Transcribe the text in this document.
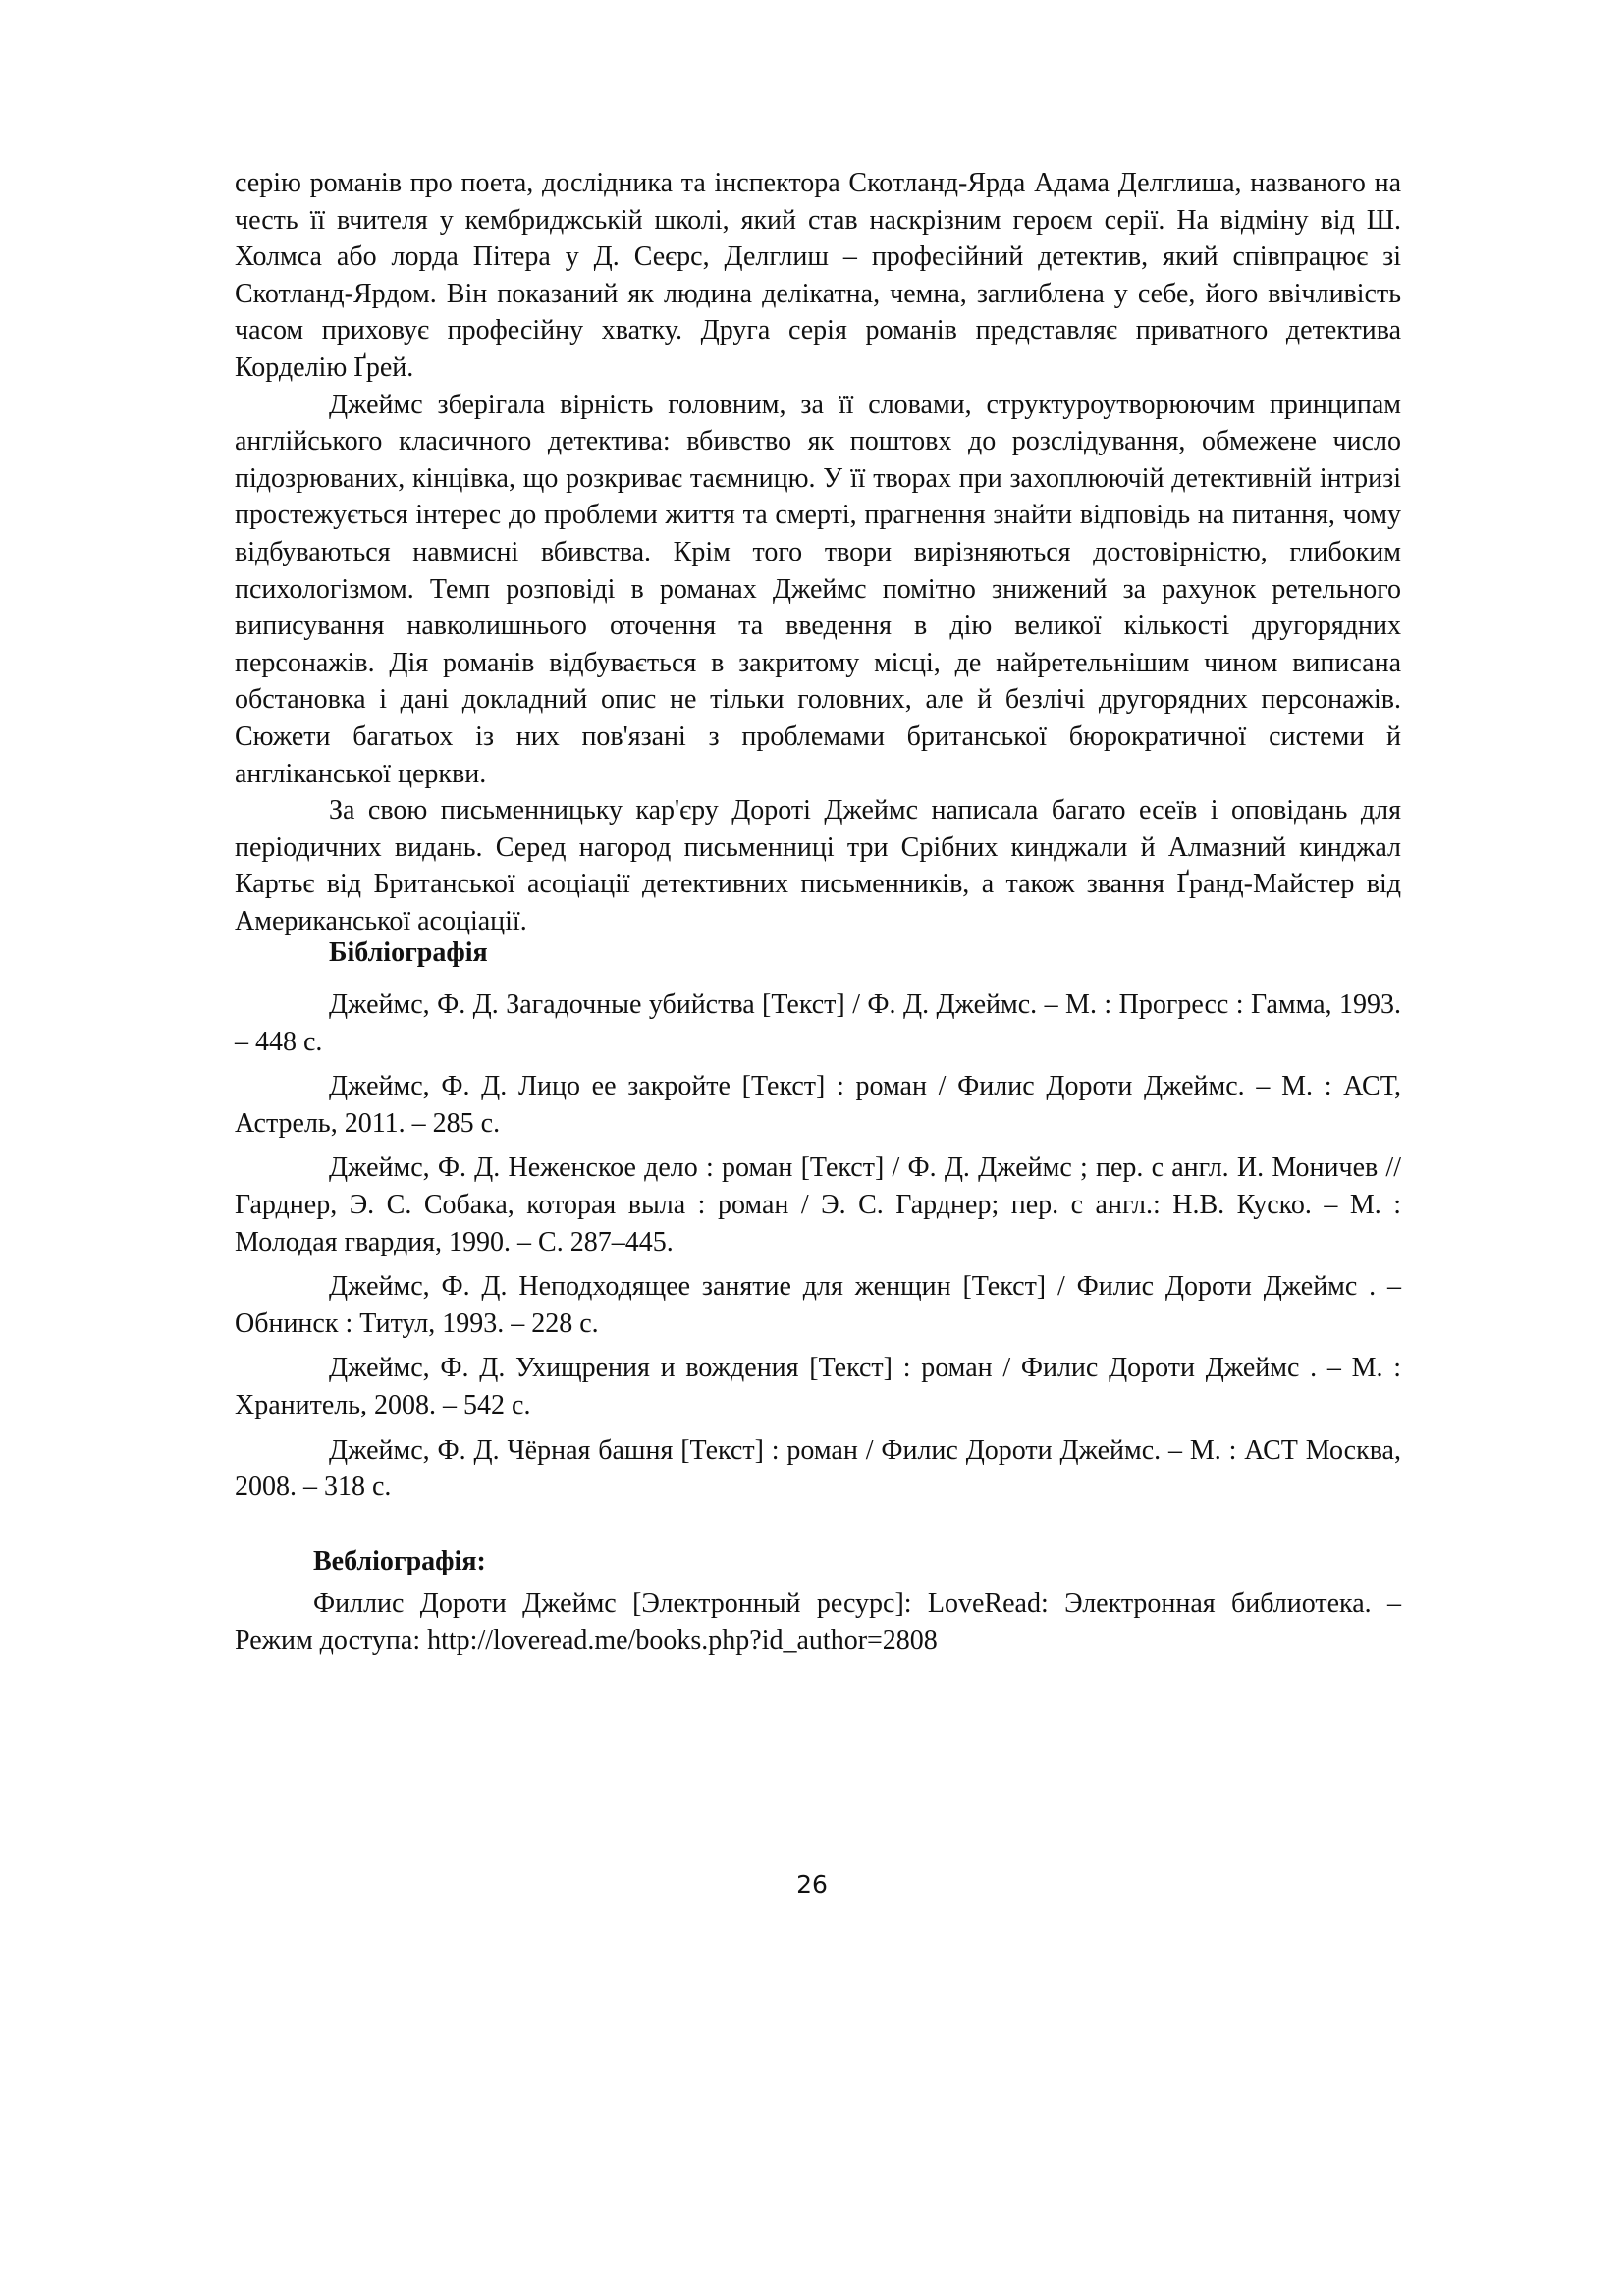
серію романів про поета, дослідника та інспектора Скотланд-Ярда Адама Делглиша, названого на честь її вчителя у кембриджській школі, який став наскрізним героєм серії. На відміну від Ш. Холмса або лорда Пітера у Д. Сеєрс, Делглиш – професійний детектив, який співпрацює зі Скотланд-Ярдом. Він показаний як людина делікатна, чемна, заглиблена у себе, його ввічливість часом приховує професійну хватку. Друга серія романів представляє приватного детектива Корделію Ґрей.

Джеймс зберігала вірність головним, за її словами, структуроутворюючим принципам англійського класичного детектива: вбивство як поштовх до розслідування, обмежене число підозрюваних, кінцівка, що розкриває таємницю. У її творах при захоплюючій детективній інтризі простежується інтерес до проблеми життя та смерті, прагнення знайти відповідь на питання, чому відбуваються навмисні вбивства. Крім того твори вирізняються достовірністю, глибоким психологізмом. Темп розповіді в романах Джеймс помітно знижений за рахунок ретельного виписування навколишнього оточення та введення в дію великої кількості другорядних персонажів. Дія романів відбувається в закритому місці, де найретельнішим чином виписана обстановка і дані докладний опис не тільки головних, але й безлічі другорядних персонажів. Сюжети багатьох із них пов'язані з проблемами британської бюрократичної системи й англіканської церкви.

За свою письменницьку кар'єру Дороті Джеймс написала багато есеїв і оповідань для періодичних видань. Серед нагород письменниці три Срібних кинджали й Алмазний кинджал Картьє від Британської асоціації детективних письменників, а також звання Ґранд-Майстер від Американської асоціації.

Бібліографія

Джеймс, Ф. Д. Загадочные убийства [Текст] / Ф. Д. Джеймс. – М. : Прогресс : Гамма, 1993. – 448 с.

Джеймс, Ф. Д. Лицо ее закройте [Текст] : роман / Филис Дороти Джеймс. – М. : АСТ, Астрель, 2011. – 285 с.

Джеймс, Ф. Д. Неженское дело : роман [Текст] / Ф. Д. Джеймс ; пер. с англ. И. Моничев // Гарднер, Э. С. Собака, которая выла : роман / Э. С. Гарднер; пер. с англ.: Н.В. Куско. – М. : Молодая гвардия, 1990. – С. 287–445.

Джеймс, Ф. Д. Неподходящее занятие для женщин [Текст] / Филис Дороти Джеймс . – Обнинск : Титул, 1993. – 228 с.

Джеймс, Ф. Д. Ухищрения и вождения [Текст] : роман / Филис Дороти Джеймс . – М. : Хранитель, 2008. – 542 с.

Джеймс, Ф. Д. Чёрная башня [Текст] : роман / Филис Дороти Джеймс. – М. : АСТ Москва, 2008. – 318 с.

Вебліографія:

Филлис Дороти Джеймс [Электронный ресурс]: LoveRead: Электронная библиотека. – Режим доступа: http://loveread.me/books.php?id_author=2808

26
